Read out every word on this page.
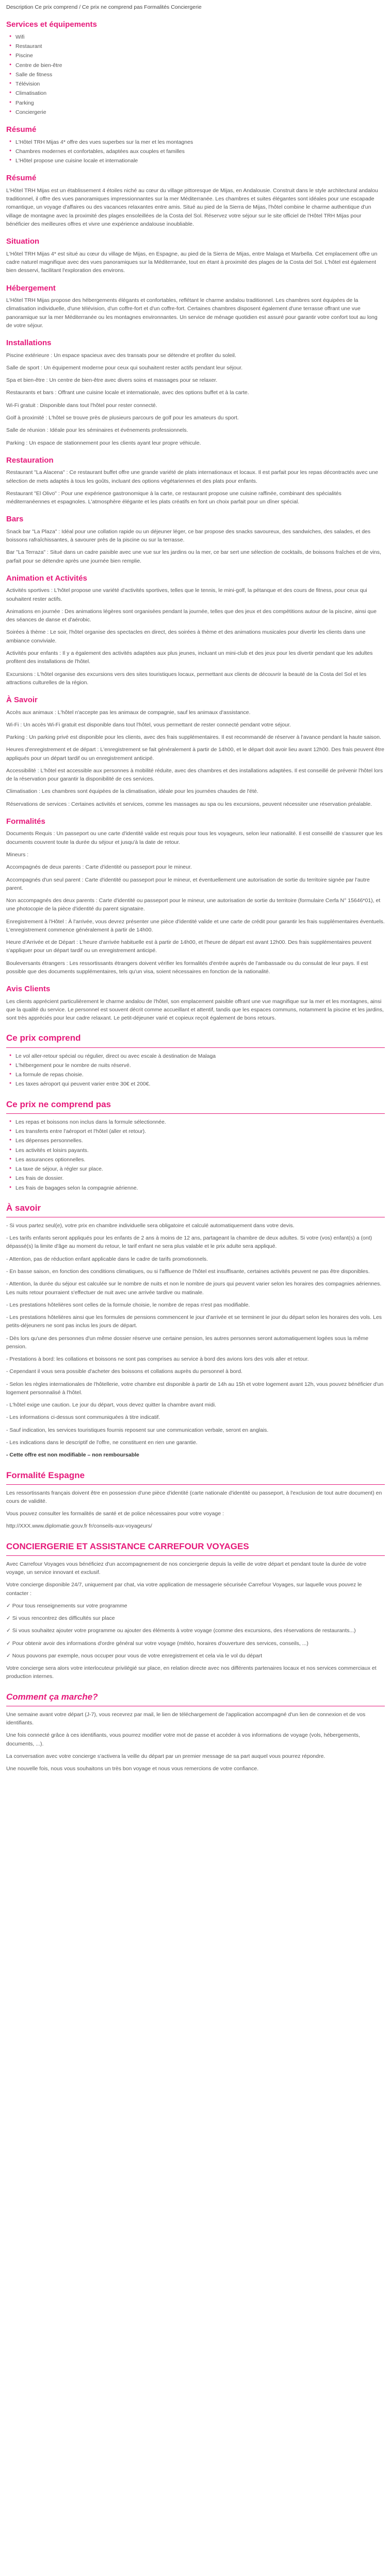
Description Ce prix comprend / Ce prix ne comprend pas Formalités Conciergerie
Services et équipements
● Wifi
● Restaurant
● Piscine
● Centre de bien-être
● Salle de fitness
● Télévision
● Climatisation
● Parking
● Conciergerie
Résumé
● L'Hôtel TRH Mijas 4* offre des vues superbes sur la mer et les montagnes
● Chambres modernes et confortables, adaptées aux couples et familles
● L'Hôtel propose une cuisine locale et internationale
Résumé

L'Hôtel TRH Mijas est un établissement 4 étoiles niché au cœur du village pittoresque de Mijas, en Andalousie. Construit dans le style architectural andalou traditionnel, il offre des vues panoramiques impressionnantes sur la mer Méditerranée. Les chambres et suites élégantes sont idéales pour une escapade romantique, un voyage d'affaires ou des vacances relaxantes entre amis. Situé au pied de la Sierra de Mijas, l'hôtel combine le charme authentique d'un village de montagne avec la proximité des plages ensoleillées de la Costa del Sol. Réservez votre séjour sur le site officiel de l'Hôtel TRH Mijas pour bénéficier des meilleures offres et vivre une expérience andalouse inoubliable.

Situation

L'Hôtel TRH Mijas 4* est situé au cœur du village de Mijas, en Espagne, au pied de la Sierra de Mijas, entre Malaga et Marbella. Cet emplacement offre un cadre naturel magnifique avec des vues panoramiques sur la Méditerranée, tout en étant à proximité des plages de la Costa del Sol. L'hôtel est également bien desservi, facilitant l'exploration des environs.

Hébergement

L'Hôtel TRH Mijas propose des hébergements élégants et confortables, reflétant le charme andalou traditionnel. Les chambres sont équipées de la climatisation individuelle, d'une télévision, d'un coffre-fort et d'un coffre-fort. Certaines chambres disposent également d'une terrasse offrant une vue panoramique sur la mer Méditerranée ou les montagnes environnantes. Un service de ménage quotidien est assuré pour garantir votre confort tout au long de votre séjour.

Installations

Piscine extérieure : Un espace spacieux avec des transats pour se détendre et profiter du soleil.

Salle de sport : Un équipement moderne pour ceux qui souhaitent rester actifs pendant leur séjour.

Spa et bien-être : Un centre de bien-être avec divers soins et massages pour se relaxer.

Restaurants et bars : Offrant une cuisine locale et internationale, avec des options buffet et à la carte.

Wi-Fi gratuit : Disponible dans tout l'hôtel pour rester connecté.

Golf à proximité : L'hôtel se trouve près de plusieurs parcours de golf pour les amateurs du sport.

Salle de réunion : Idéale pour les séminaires et événements professionnels.

Parking : Un espace de stationnement pour les clients ayant leur propre véhicule.

Restauration

Restaurant "La Alacena" : Ce restaurant buffet offre une grande variété de plats internationaux et locaux. Il est parfait pour les repas décontractés avec une sélection de mets adaptés à tous les goûts, incluant des options végétariennes et des plats pour enfants.

Restaurant "El Olivo" : Pour une expérience gastronomique à la carte, ce restaurant propose une cuisine raffinée, combinant des spécialités méditerranéennes et espagnoles. L'atmosphère élégante et les plats créatifs en font un choix parfait pour un dîner spécial.

Bars

Snack bar "La Plaza" : Idéal pour une collation rapide ou un déjeuner léger, ce bar propose des snacks savoureux, des sandwiches, des salades, et des boissons rafraîchissantes, à savourer près de la piscine ou sur la terrasse.

Bar "La Terraza" : Situé dans un cadre paisible avec une vue sur les jardins ou la mer, ce bar sert une sélection de cocktails, de boissons fraîches et de vins, parfait pour se détendre après une journée bien remplie.

Animation et Activités

Activités sportives : L'hôtel propose une variété d'activités sportives, telles que le tennis, le mini-golf, la pétanque et des cours de fitness, pour ceux qui souhaitent rester actifs.

Animations en journée : Des animations légères sont organisées pendant la journée, telles que des jeux et des compétitions autour de la piscine, ainsi que des séances de danse et d'aérobic.

Soirées à thème : Le soir, l'hôtel organise des spectacles en direct, des soirées à thème et des animations musicales pour divertir les clients dans une ambiance conviviale.

Activités pour enfants : Il y a également des activités adaptées aux plus jeunes, incluant un mini-club et des jeux pour les divertir pendant que les adultes profitent des installations de l'hôtel.

Excursions : L'hôtel organise des excursions vers des sites touristiques locaux, permettant aux clients de découvrir la beauté de la Costa del Sol et les attractions culturelles de la région.

À Savoir

Accès aux animaux : L'hôtel n'accepte pas les animaux de compagnie, sauf les animaux d'assistance.

Wi-Fi : Un accès Wi-Fi gratuit est disponible dans tout l'hôtel, vous permettant de rester connecté pendant votre séjour.

Parking : Un parking privé est disponible pour les clients, avec des frais supplémentaires. Il est recommandé de réserver à l'avance pendant la haute saison.

Heures d'enregistrement et de départ : L'enregistrement se fait généralement à partir de 14h00, et le départ doit avoir lieu avant 12h00. Des frais peuvent être appliqués pour un départ tardif ou un enregistrement anticipé.

Accessibilité : L'hôtel est accessible aux personnes à mobilité réduite, avec des chambres et des installations adaptées. Il est conseillé de prévenir l'hôtel lors de la réservation pour garantir la disponibilité de ces services.

Climatisation : Les chambres sont équipées de la climatisation, idéale pour les journées chaudes de l'été.

Réservations de services : Certaines activités et services, comme les massages au spa ou les excursions, peuvent nécessiter une réservation préalable.

Formalités

Documents Requis : Un passeport ou une carte d'identité valide est requis pour tous les voyageurs, selon leur nationalité. Il est conseillé de s'assurer que les documents couvrent toute la durée du séjour et jusqu'à la date de retour.

Mineurs :

Accompagnés de deux parents : Carte d'identité ou passeport pour le mineur.

Accompagnés d'un seul parent : Carte d'identité ou passeport pour le mineur, et éventuellement une autorisation de sortie du territoire signée par l'autre parent.

Non accompagnés des deux parents : Carte d'identité ou passeport pour le mineur, une autorisation de sortie du territoire (formulaire Cerfa N° 15646*01), et une photocopie de la pièce d'identité du parent signataire.

Enregistrement à l'Hôtel : À l'arrivée, vous devrez présenter une pièce d'identité valide et une carte de crédit pour garantir les frais supplémentaires éventuels. L'enregistrement commence généralement à partir de 14h00.

Heure d'Arrivée et de Départ : L'heure d'arrivée habituelle est à partir de 14h00, et l'heure de départ est avant 12h00. Des frais supplémentaires peuvent s'appliquer pour un départ tardif ou un enregistrement anticipé.

Bouleversants étrangers : Les ressortissants étrangers doivent vérifier les formalités d'entrée auprès de l'ambassade ou du consulat de leur pays. Il est possible que des documents supplémentaires, tels qu'un visa, soient nécessaires en fonction de la nationalité.

Avis Clients

Les clients apprécient particulièrement le charme andalou de l'hôtel, son emplacement paisible offrant une vue magnifique sur la mer et les montagnes, ainsi que la qualité du service. Le personnel est souvent décrit comme accueillant et attentif, tandis que les espaces communs, notamment la piscine et les jardins, sont très appréciés pour leur cadre relaxant. Le petit-déjeuner varié et copieux reçoit également de bons retours.

Ce prix comprend
● Le vol aller-retour spécial ou régulier, direct ou avec escale à destination de Malaga
● L'hébergement pour le nombre de nuits réservé.
● La formule de repas choisie.
● Les taxes aéroport qui peuvent varier entre 30€ et 200€.
Ce prix ne comprend pas
● Les repas et boissons non inclus dans la formule sélectionnée.
● Les transferts entre l'aéroport et l'hôtel (aller et retour).
● Les dépenses personnelles.
● Les activités et loisirs payants.
● Les assurances optionnelles.
● La taxe de séjour, à régler sur place.
● Les frais de dossier.
● Les frais de bagages selon la compagnie aérienne.
À savoir

- Si vous partez seul(e), votre prix en chambre individuelle sera obligatoire et calculé automatiquement dans votre devis.

- Les tarifs enfants seront appliqués pour les enfants de 2 ans à moins de 12 ans, partageant la chambre de deux adultes. Si votre (vos) enfant(s) a (ont) dépassé(s) la limite d'âge au moment du retour, le tarif enfant ne sera plus valable et le prix adulte sera appliqué.

- Attention, pas de réduction enfant applicable dans le cadre de tarifs promotionnels.

- En basse saison, en fonction des conditions climatiques, ou si l'affluence de l'hôtel est insuffisante, certaines activités peuvent ne pas être disponibles.

- Attention, la durée du séjour est calculée sur le nombre de nuits et non le nombre de jours qui peuvent varier selon les horaires des compagnies aériennes. Les nuits retour pourraient s'effectuer de nuit avec une arrivée tardive ou matinale.

- Les prestations hôtelières sont celles de la formule choisie, le nombre de repas n'est pas modifiable.

- Les prestations hôtelières ainsi que les formules de pensions commencent le jour d'arrivée et se terminent le jour du départ selon les horaires des vols. Les petits-déjeuners ne sont pas inclus les jours de départ.

- Dès lors qu'une des personnes d'un même dossier réserve une certaine pension, les autres personnes seront automatiquement logées sous la même pension.

- Prestations à bord: les collations et boissons ne sont pas comprises au service à bord des avions lors des vols aller et retour.

- Cependant il vous sera possible d'acheter des boissons et collations auprès du personnel à bord.

- Selon les règles internationales de l'hôtellerie, votre chambre est disponible à partir de 14h au 15h et votre logement avant 12h, vous pouvez bénéficier d'un logement personnalisé à l'hôtel.

- L'hôtel exige une caution. Le jour du départ, vous devez quitter la chambre avant midi.

- Les informations ci-dessus sont communiquées à titre indicatif.

- Sauf indication, les services touristiques fournis reposent sur une communication verbale, seront en anglais.

- Les indications dans le descriptif de l'offre, ne constituent en rien une garantie.

- Cette offre est non modifiable – non remboursable
Formalité Espagne

Les ressortissants français doivent être en possession d'une pièce d'identité (carte nationale d'identité ou passeport, à l'exclusion de tout autre document) en cours de validité.

Vous pouvez consulter les formalités de santé et de police nécessaires pour votre voyage :

http://XXX.www.diplomatie.gouv.fr fr/conseils-aux-voyageurs/

CONCIERGERIE ET ASSISTANCE CARREFOUR VOYAGES

Avec Carrefour Voyages vous bénéficiez d'un accompagnement de nos conciergerie depuis la veille de votre départ et pendant toute la durée de votre voyage, un service innovant et exclusif.

Votre concierge disponible 24/7, uniquement par chat, via votre application de messagerie sécurisée Carrefour Voyages, sur laquelle vous pouvez le contacter :

✓ Pour tous renseignements sur votre programme

✓ Si vous rencontrez des difficultés sur place

✓ Si vous souhaitez ajouter votre programme ou ajouter des éléments à votre voyage (comme des excursions, des réservations de restaurants...)

✓ Pour obtenir avoir des informations d'ordre général sur votre voyage (météo, horaires d'ouverture des services, conseils, ...)

✓ Nous pouvons par exemple, nous occuper pour vous de votre enregistrement et cela via le vol du départ

Votre concierge sera alors votre interlocuteur privilégié sur place, en relation directe avec nos différents partenaires locaux et nos services commerciaux et production internes.

Comment ça marche?

Une semaine avant votre départ (J-7), vous recevrez par mail, le lien de téléchargement de l'application accompagné d'un lien de connexion et de vos identifiants.

Une fois connecté grâce à ces identifiants, vous pourrez modifier votre mot de passe et accéder à vos informations de voyage (vols, hébergements, documents, ...).

La conversation avec votre concierge s'activera la veille du départ par un premier message de sa part auquel vous pourrez répondre.

Une nouvelle fois, nous vous souhaitons un très bon voyage et nous vous remercions de votre confiance.
